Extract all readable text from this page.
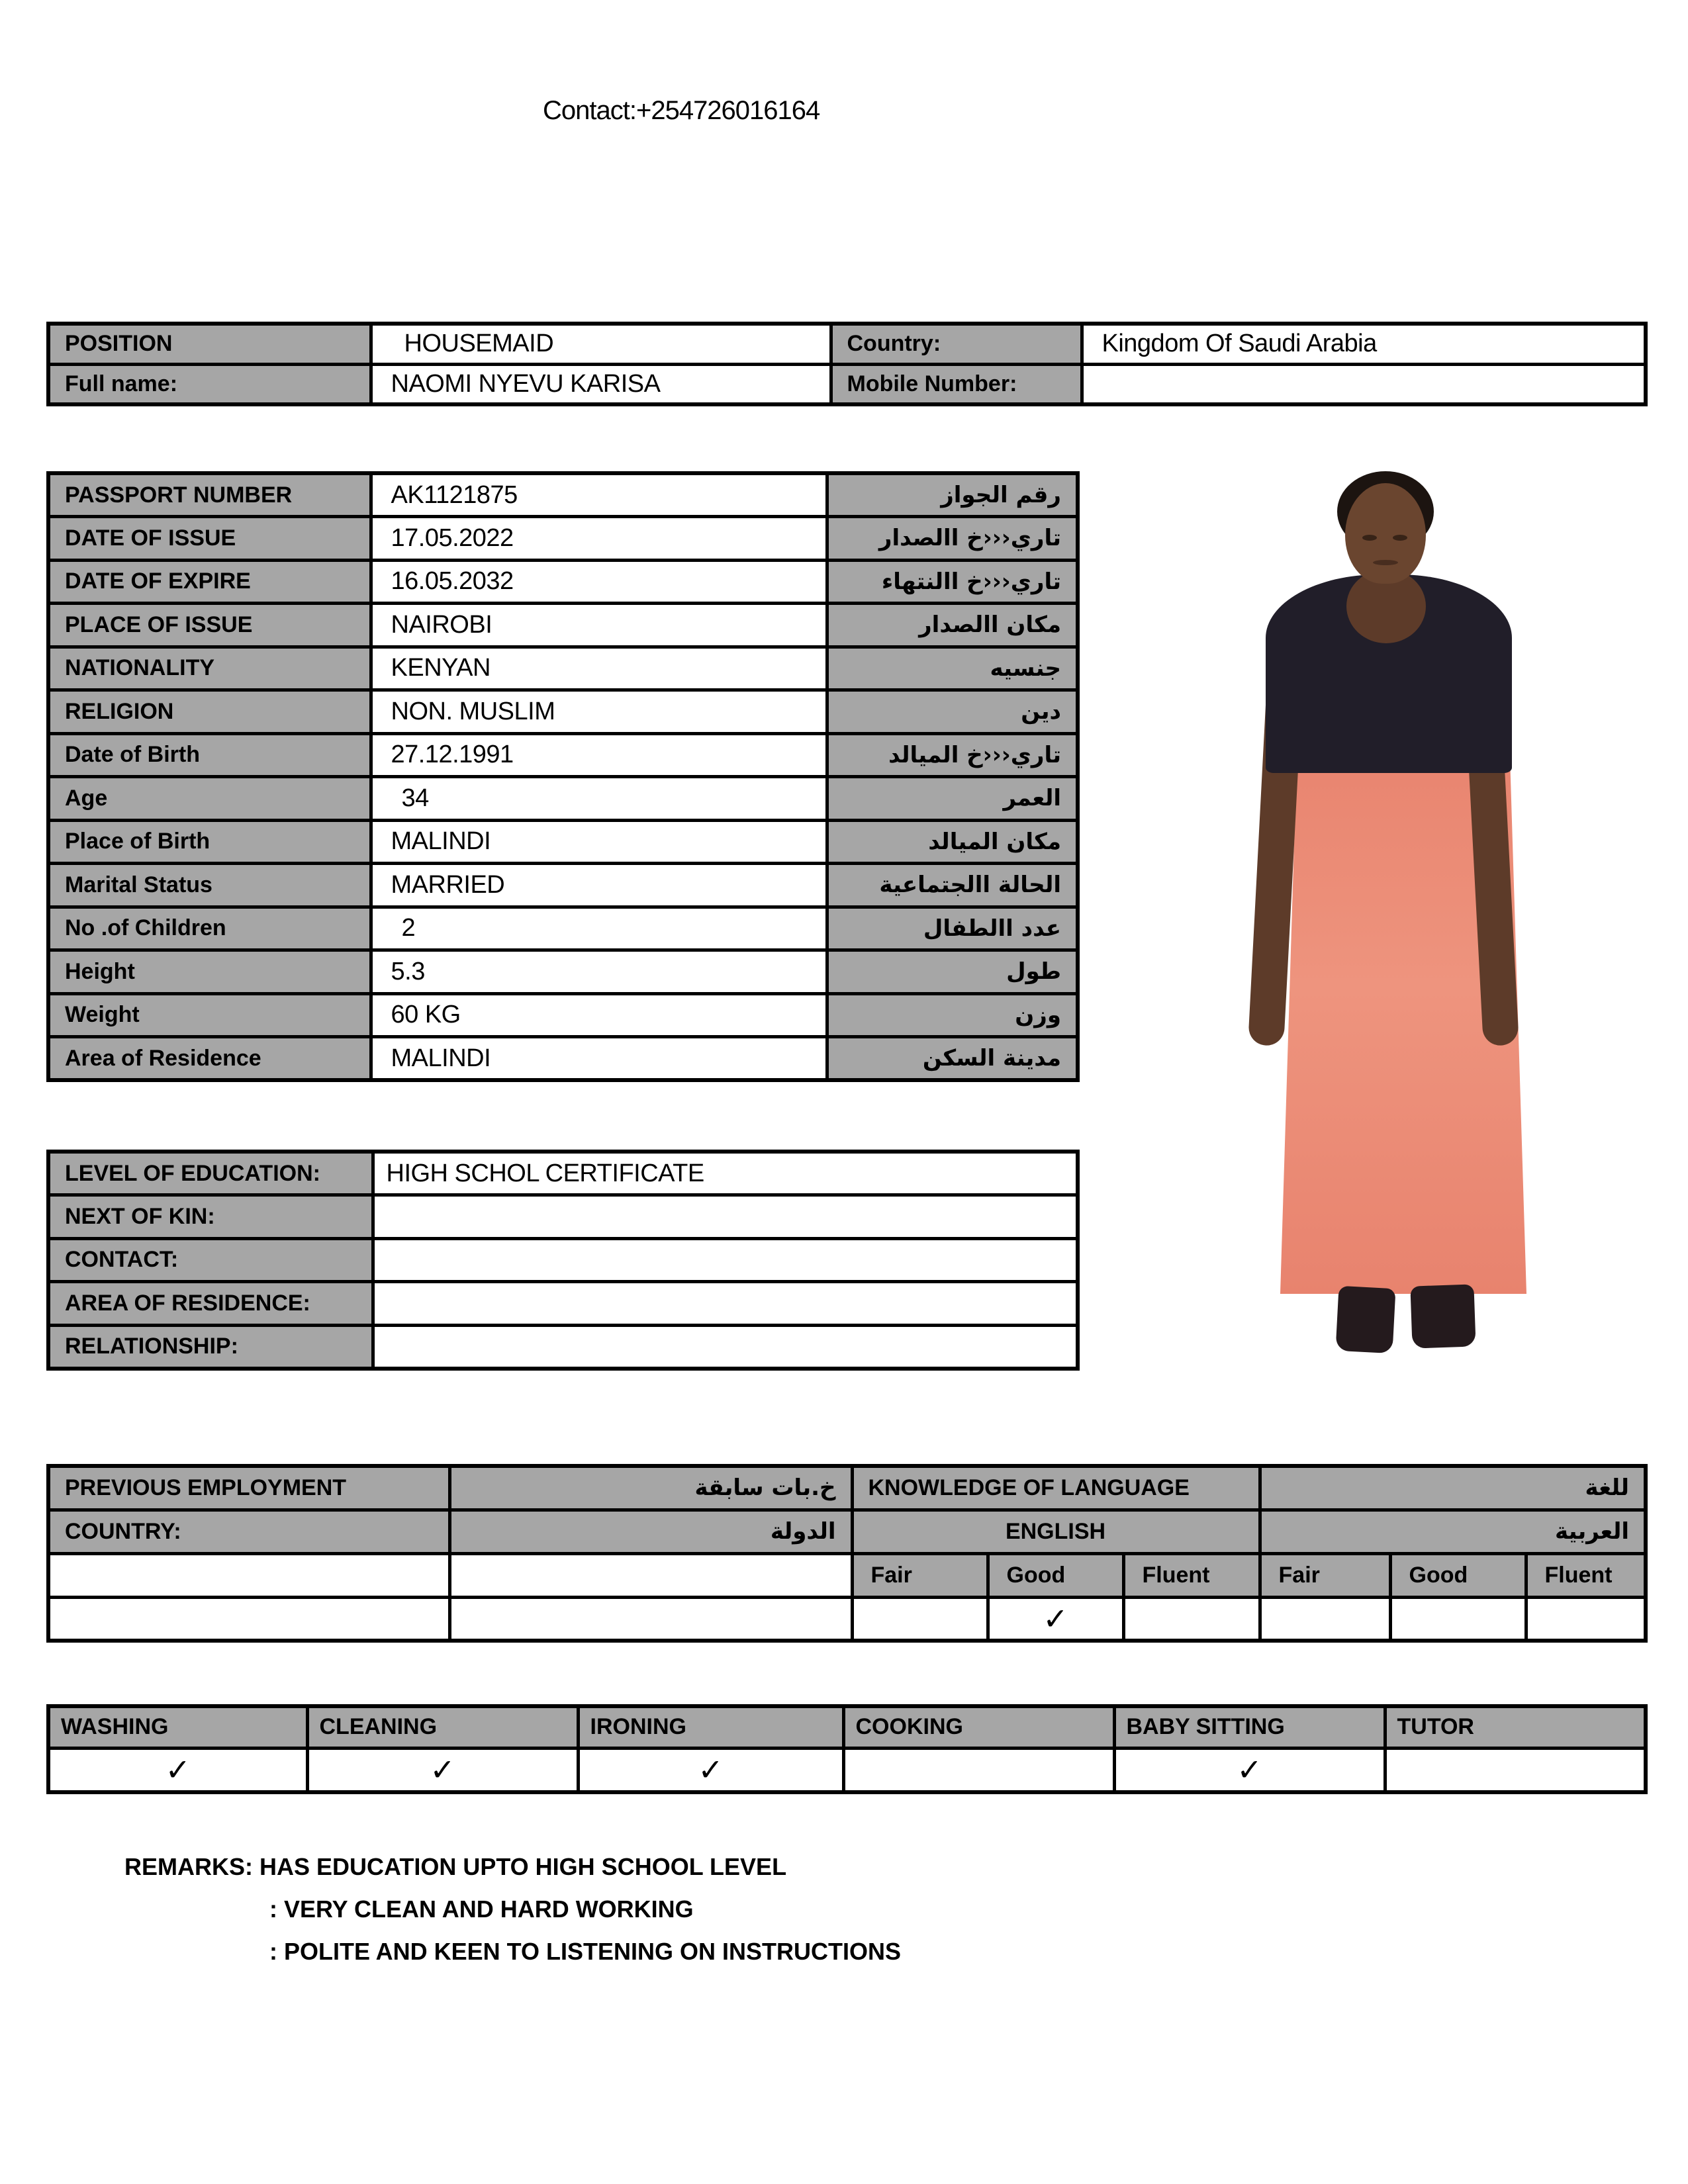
Contact:+254726016164
POSITION	HOUSEMAID	Country:	Kingdom Of Saudi Arabia
Full name:	NAOMI NYEVU KARISA	Mobile Number:	
PASSPORT NUMBER	AK1121875	رقم الجواز
DATE OF ISSUE	17.05.2022	تاري‹‹‹خ االصدار
DATE OF EXPIRE	16.05.2032	تاري‹‹‹خ االنتهاء
PLACE OF ISSUE	NAIROBI	مكان االصدار
NATIONALITY	KENYAN	جنسيه
RELIGION	NON. MUSLIM	دين
Date of Birth	27.12.1991	تاري‹‹‹خ الميالد
Age	34	العمر
Place of Birth	MALINDI	مكان الميالد
Marital Status	MARRIED	الحالة االجتماعية
No .of Children	2	عدد االطفال
Height	5.3	طول
Weight	60 KG	وزن
Area of Residence	MALINDI	مدينة السكن
LEVEL OF EDUCATION:	HIGH SCHOL CERTIFICATE
NEXT OF KIN:	
CONTACT:	
AREA OF RESIDENCE:	
RELATIONSHIP:	
PREVIOUS EMPLOYMENT	خ.بات سابقة	KNOWLEDGE OF LANGUAGE			للغة		
COUNTRY:	الدولة	ENGLISH			العربية		
		Fair	Good	Fluent	Fair	Good	Fluent
			✓				
WASHING	CLEANING	IRONING	COOKING	BABY SITTING	TUTOR
✓	✓	✓		✓	
REMARKS: HAS EDUCATION UPTO HIGH SCHOOL LEVEL
: VERY CLEAN AND HARD WORKING
: POLITE AND KEEN TO LISTENING ON INSTRUCTIONS
